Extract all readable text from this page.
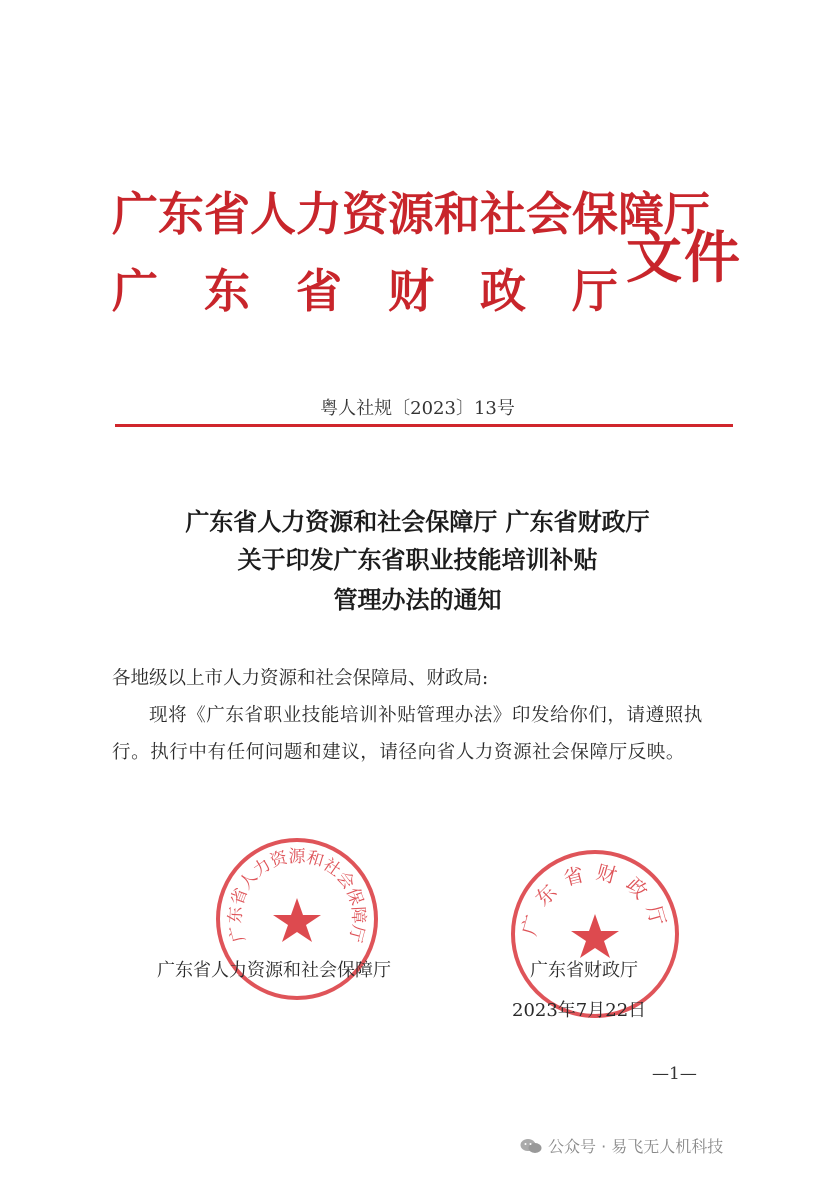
广东省人力资源和社会保障厅
广东省财政厅
文件
粤人社规〔2023〕13号
广东省人力资源和社会保障厅 广东省财政厅
关于印发广东省职业技能培训补贴
管理办法的通知
各地级以上市人力资源和社会保障局、财政局:
现将《广东省职业技能培训补贴管理办法》印发给你们，请遵照执行。执行中有任何问题和建议，请径向省人力资源社会保障厅反映。
广东省人力资源和社会保障厅	广东省财政厅
广东省人力资源和社会保障厅	广东省财政厅
2023年7月22日
—1—
公众号 · 易飞无人机科技
